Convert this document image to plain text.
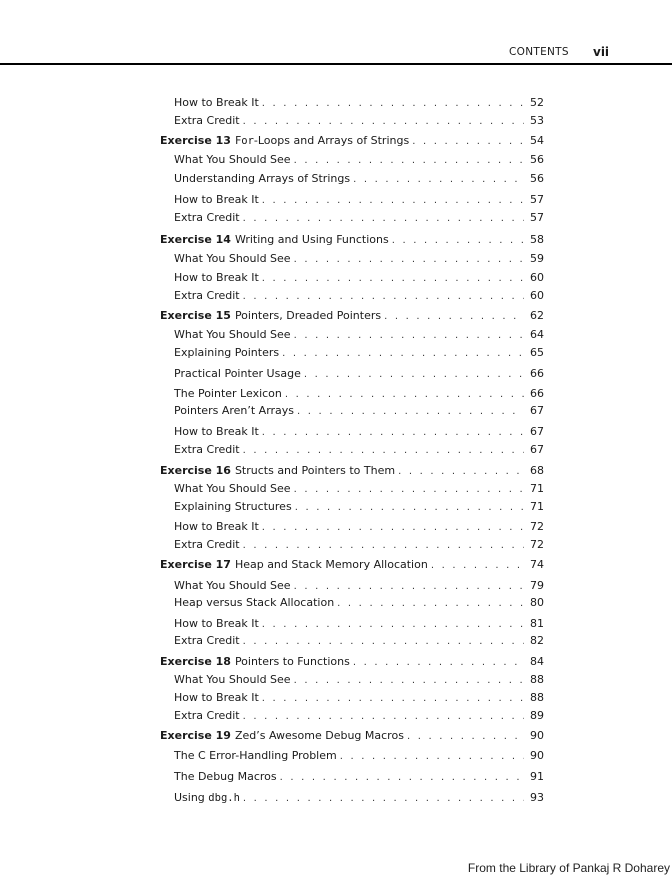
CONTENTS vii
How to Break It . . .	52
Extra Credit . . .	53
Exercise 13 For-Loops and Arrays of Strings . . .	54
What You Should See . . .	56
Understanding Arrays of Strings . . .	56
How to Break It . . .	57
Extra Credit . . .	57
Exercise 14 Writing and Using Functions . . .	58
What You Should See . . .	59
How to Break It . . .	60
Extra Credit . . .	60
Exercise 15 Pointers, Dreaded Pointers . . .	62
What You Should See . . .	64
Explaining Pointers . . .	65
Practical Pointer Usage . . .	66
The Pointer Lexicon . . .	66
Pointers Aren’t Arrays . . .	67
How to Break It . . .	67
Extra Credit . . .	67
Exercise 16 Structs and Pointers to Them . . .	68
What You Should See . . .	71
Explaining Structures . . .	71
How to Break It . . .	72
Extra Credit . . .	72
Exercise 17 Heap and Stack Memory Allocation . . .	74
What You Should See . . .	79
Heap versus Stack Allocation . . .	80
How to Break It . . .	81
Extra Credit . . .	82
Exercise 18 Pointers to Functions . . .	84
What You Should See . . .	88
How to Break It . . .	88
Extra Credit . . .	89
Exercise 19 Zed’s Awesome Debug Macros . . .	90
The C Error-Handling Problem . . .	90
The Debug Macros . . .	91
Using dbg.h . . .	93
From the Library of Pankaj R Doharey
